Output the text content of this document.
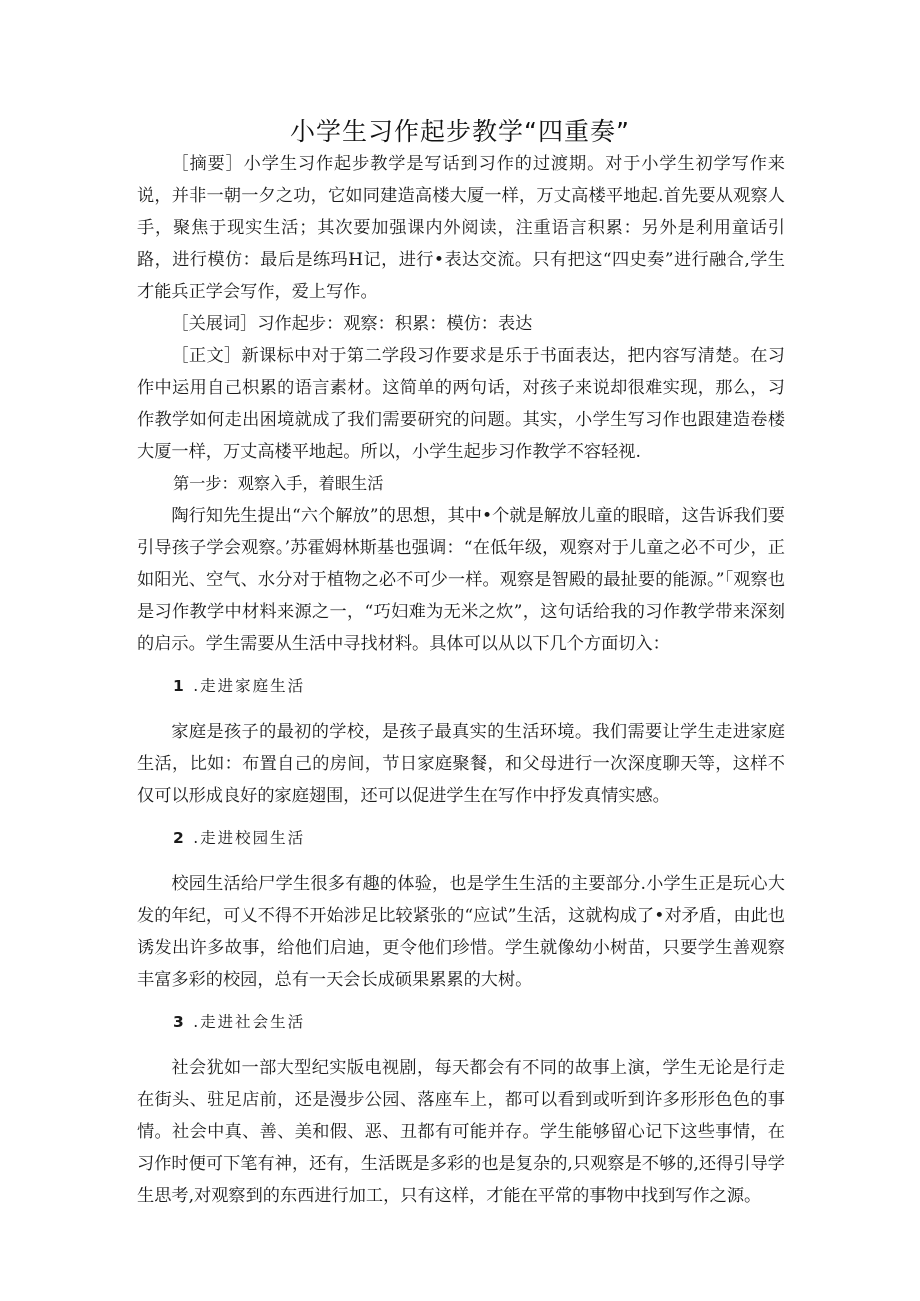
小学生习作起步教学“四重奏”

［摘要］小学生习作起步教学是写话到习作的过渡期。对于小学生初学写作来说，并非一朝一夕之功，它如同建造高楼大厦一样，万丈高楼平地起.首先要从观察人手，聚焦于现实生活；其次要加强课内外阅读，注重语言积累：另外是利用童话引路，进行模仿：最后是练玛H记，进行•表达交流。只有把这“四史奏”进行融合,学生才能兵正学会写作，爱上写作。

［关展词］习作起步：观察：积累：模仿：表达

［正文］新课标中对于第二学段习作要求是乐于书面表达，把内容写清楚。在习作中运用自己枳累的语言素材。这简单的两句话，对孩子来说却很难实现，那么，习作教学如何走出困境就成了我们需要研究的问题。其实，小学生写习作也跟建造卷楼大厦一样，万丈高楼平地起。所以，小学生起步习作教学不容轻视.

第一步：观察入手，着眼生活

陶行知先生提出“六个解放”的思想，其中•个就是解放儿童的眼暗，这告诉我们要引导孩子学会观察。’苏霍姆林斯基也强调：“在低年级，观察对于儿童之必不可少，正如阳光、空气、水分对于植物之必不可少一样。观察是智殿的最扯要的能源。”「观察也是习作教学中材料来源之一，“巧妇难为无米之炊”，这句话给我的习作教学带来深刻的启示。学生需要从生活中寻找材料。具体可以从以下几个方面切入：

1 .走进家庭生活

家庭是孩子的最初的学校，是孩子最真实的生活环境。我们需要让学生走进家庭生活，比如：布置自己的房间，节日家庭聚餐，和父母进行一次深度聊天等，这样不仅可以形成良好的家庭翅围，还可以促进学生在写作中抒发真情实感。

2 .走进校园生活

校园生活给尸学生很多有趣的体验，也是学生生活的主要部分.小学生正是玩心大发的年纪，可乂不得不开始涉足比较紧张的“应试”生活，这就构成了•对矛盾，由此也诱发出许多故事，给他们启迪，更令他们珍惜。学生就像幼小树苗，只要学生善观察丰富多彩的校园，总有一天会长成硕果累累的大树。

3 .走进社会生活

社会犹如一部大型纪实版电视剧，每天都会有不同的故事上演，学生无论是行走在街头、驻足店前，还是漫步公园、落座车上，都可以看到或听到许多形形色色的事情。社会中真、善、美和假、恶、丑都有可能并存。学生能够留心记下这些事情，在习作时便可下笔有神，还有，生活既是多彩的也是复杂的,只观察是不够的,还得引导学生思考,对观察到的东西进行加工，只有这样，才能在平常的事物中找到写作之源。
